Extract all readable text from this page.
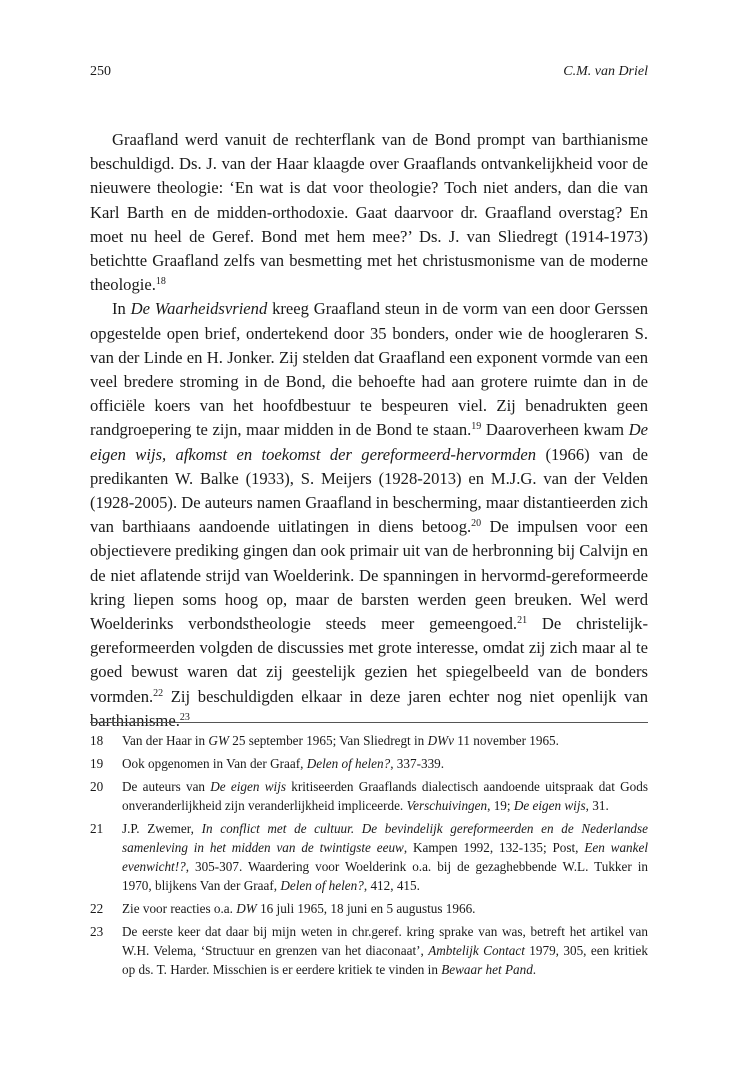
250	C.M. van Driel

Graafland werd vanuit de rechterflank van de Bond prompt van barthianisme beschuldigd. Ds. J. van der Haar klaagde over Graaflands ontvankelijkheid voor de nieuwere theologie: ‘En wat is dat voor theologie? Toch niet anders, dan die van Karl Barth en de midden-orthodoxie. Gaat daarvoor dr. Graafland overstag? En moet nu heel de Geref. Bond met hem mee?’ Ds. J. van Sliedregt (1914-1973) betichtte Graafland zelfs van besmetting met het christusmonisme van de moderne theologie.$^{18}$

In De Waarheidsvriend kreeg Graafland steun in de vorm van een door Gerssen opgestelde open brief, ondertekend door 35 bonders, onder wie de hoogleraren S. van der Linde en H. Jonker. Zij stelden dat Graafland een exponent vormde van een veel bredere stroming in de Bond, die behoefte had aan grotere ruimte dan in de officiële koers van het hoofdbestuur te bespeuren viel. Zij benadrukten geen randgroepering te zijn, maar midden in de Bond te staan.$^{19}$ Daaroverheen kwam De eigen wijs, afkomst en toekomst der gereformeerd-hervormden (1966) van de predikanten W. Balke (1933), S. Meijers (1928-2013) en M.J.G. van der Velden (1928-2005). De auteurs namen Graafland in bescherming, maar distantieerden zich van barthiaans aandoende uitlatingen in diens betoog.$^{20}$ De impulsen voor een objectievere prediking gingen dan ook primair uit van de herbronning bij Calvijn en de niet aflatende strijd van Woelderink. De spanningen in hervormd-gereformeerde kring liepen soms hoog op, maar de barsten werden geen breuken. Wel werd Woelderinks verbondstheologie steeds meer gemeengoed.$^{21}$ De christelijk-gereformeerden volgden de discussies met grote interesse, omdat zij zich maar al te goed bewust waren dat zij geestelijk gezien het spiegelbeeld van de bonders vormden.$^{22}$ Zij beschuldigden elkaar in deze jaren echter nog niet openlijk van barthianisme.$^{23}$

18 Van der Haar in GW 25 september 1965; Van Sliedregt in DWv 11 november 1965.
19 Ook opgenomen in Van der Graaf, Delen of helen?, 337-339.
20 De auteurs van De eigen wijs kritiseerden Graaflands dialectisch aandoende uitspraak dat Gods onveranderlijkheid zijn veranderlijkheid impliceerde. Verschuivingen, 19; De eigen wijs, 31.
21 J.P. Zwemer, In conflict met de cultuur. De bevindelijk gereformeerden en de Nederlandse samenleving in het midden van de twintigste eeuw, Kampen 1992, 132-135; Post, Een wankel evenwicht!?, 305-307. Waardering voor Woelderink o.a. bij de gezaghebbende W.L. Tukker in 1970, blijkens Van der Graaf, Delen of helen?, 412, 415.
22 Zie voor reacties o.a. DW 16 juli 1965, 18 juni en 5 augustus 1966.
23 De eerste keer dat daar bij mijn weten in chr.geref. kring sprake van was, betreft het artikel van W.H. Velema, ‘Structuur en grenzen van het diaconaat’, Ambtelijk Contact 1979, 305, een kritiek op ds. T. Harder. Misschien is er eerdere kritiek te vinden in Bewaar het Pand.
